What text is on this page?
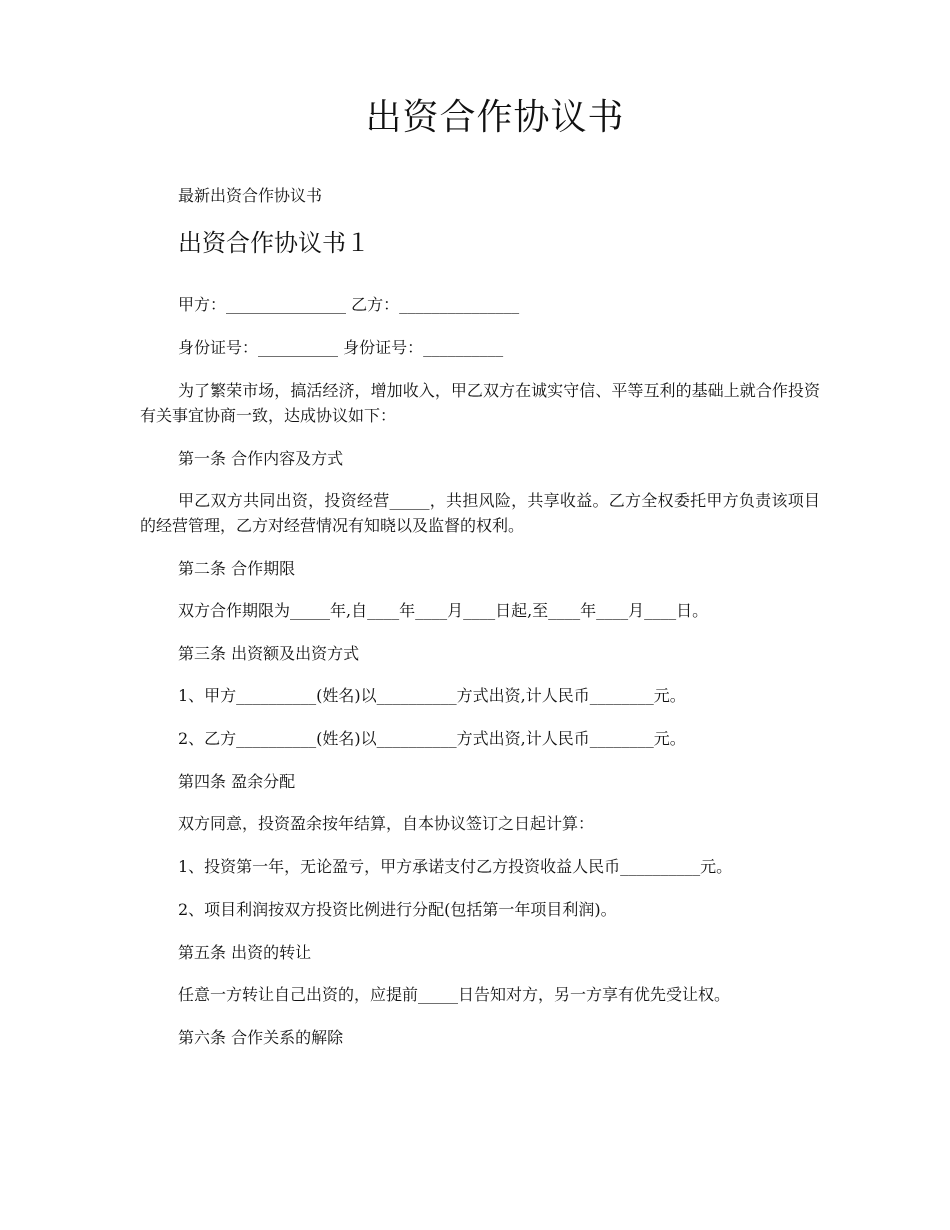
出资合作协议书
最新出资合作协议书
出资合作协议书１

甲方：_______________ 乙方：_______________

身份证号：__________ 身份证号：__________

为了繁荣市场，搞活经济，增加收入，甲乙双方在诚实守信、平等互利的基础上就合作投资有关事宜协商一致，达成协议如下：

第一条 合作内容及方式

甲乙双方共同出资，投资经营_____，共担风险，共享收益。乙方全权委托甲方负责该项目的经营管理，乙方对经营情况有知晓以及监督的权利。

第二条 合作期限

双方合作期限为_____年,自____年____月____日起,至____年____月____日。

第三条 出资额及出资方式

1、甲方__________(姓名)以__________方式出资,计人民币________元。

2、乙方__________(姓名)以__________方式出资,计人民币________元。

第四条 盈余分配

双方同意，投资盈余按年结算，自本协议签订之日起计算：

1、投资第一年，无论盈亏，甲方承诺支付乙方投资收益人民币__________元。

2、项目利润按双方投资比例进行分配(包括第一年项目利润)。

第五条 出资的转让

任意一方转让自己出资的，应提前_____日告知对方，另一方享有优先受让权。

第六条 合作关系的解除
